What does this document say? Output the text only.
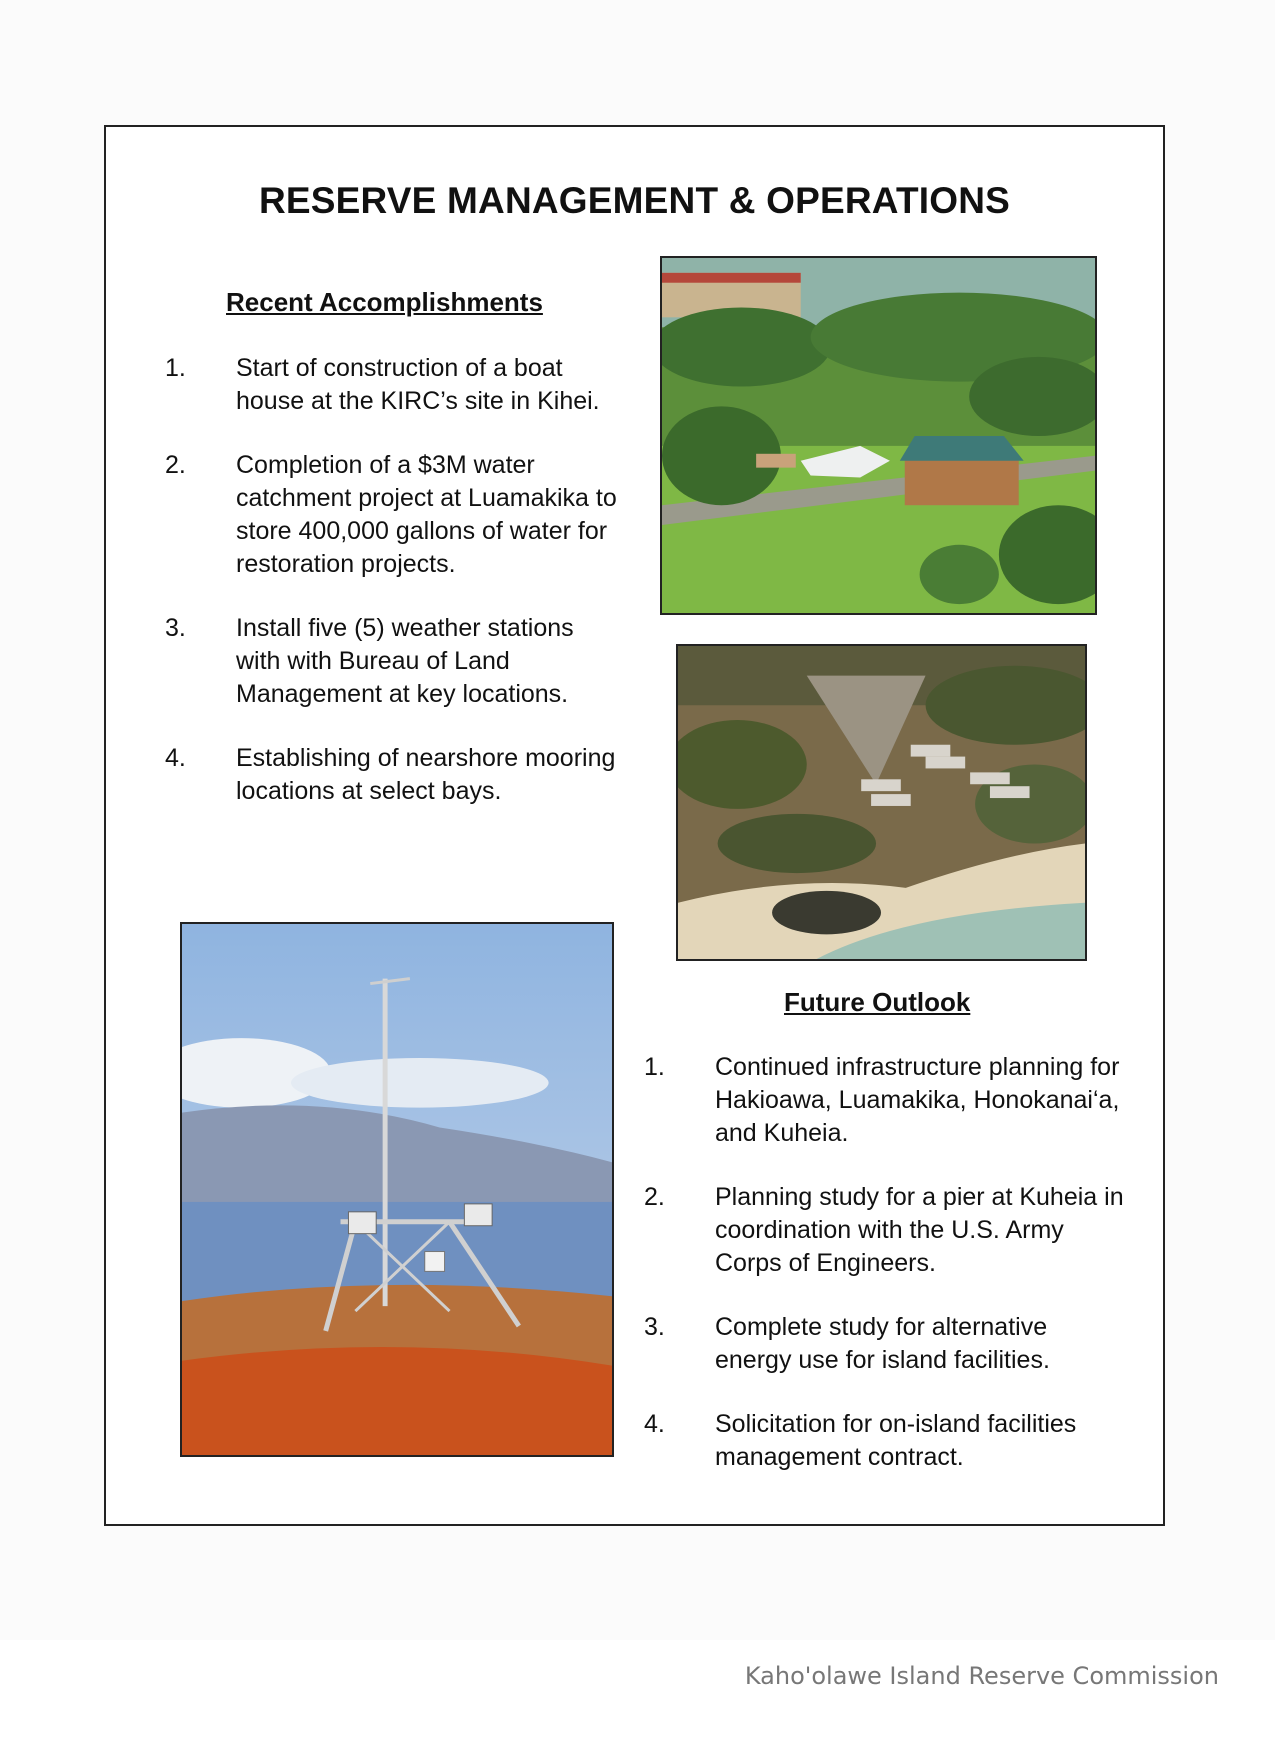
RESERVE MANAGEMENT & OPERATIONS
Recent Accomplishments
1. Start of construction of a boat house at the KIRC’s site in Kihei.
2. Completion of a $3M water catchment project at Luamakika to store 400,000 gallons of water for restoration projects.
3. Install five (5) weather stations with with Bureau of Land Management at key locations.
4. Establishing of nearshore mooring locations at select bays.
Future Outlook
1. Continued infrastructure planning for Hakioawa, Luamakika, Honokanai‘a, and Kuheia.
2. Planning study for a pier at Kuheia in coordination with the U.S. Army Corps of Engineers.
3. Complete study for alternative energy use for island facilities.
4. Solicitation for on-island facilities management contract.
Kaho'olawe Island Reserve Commission
